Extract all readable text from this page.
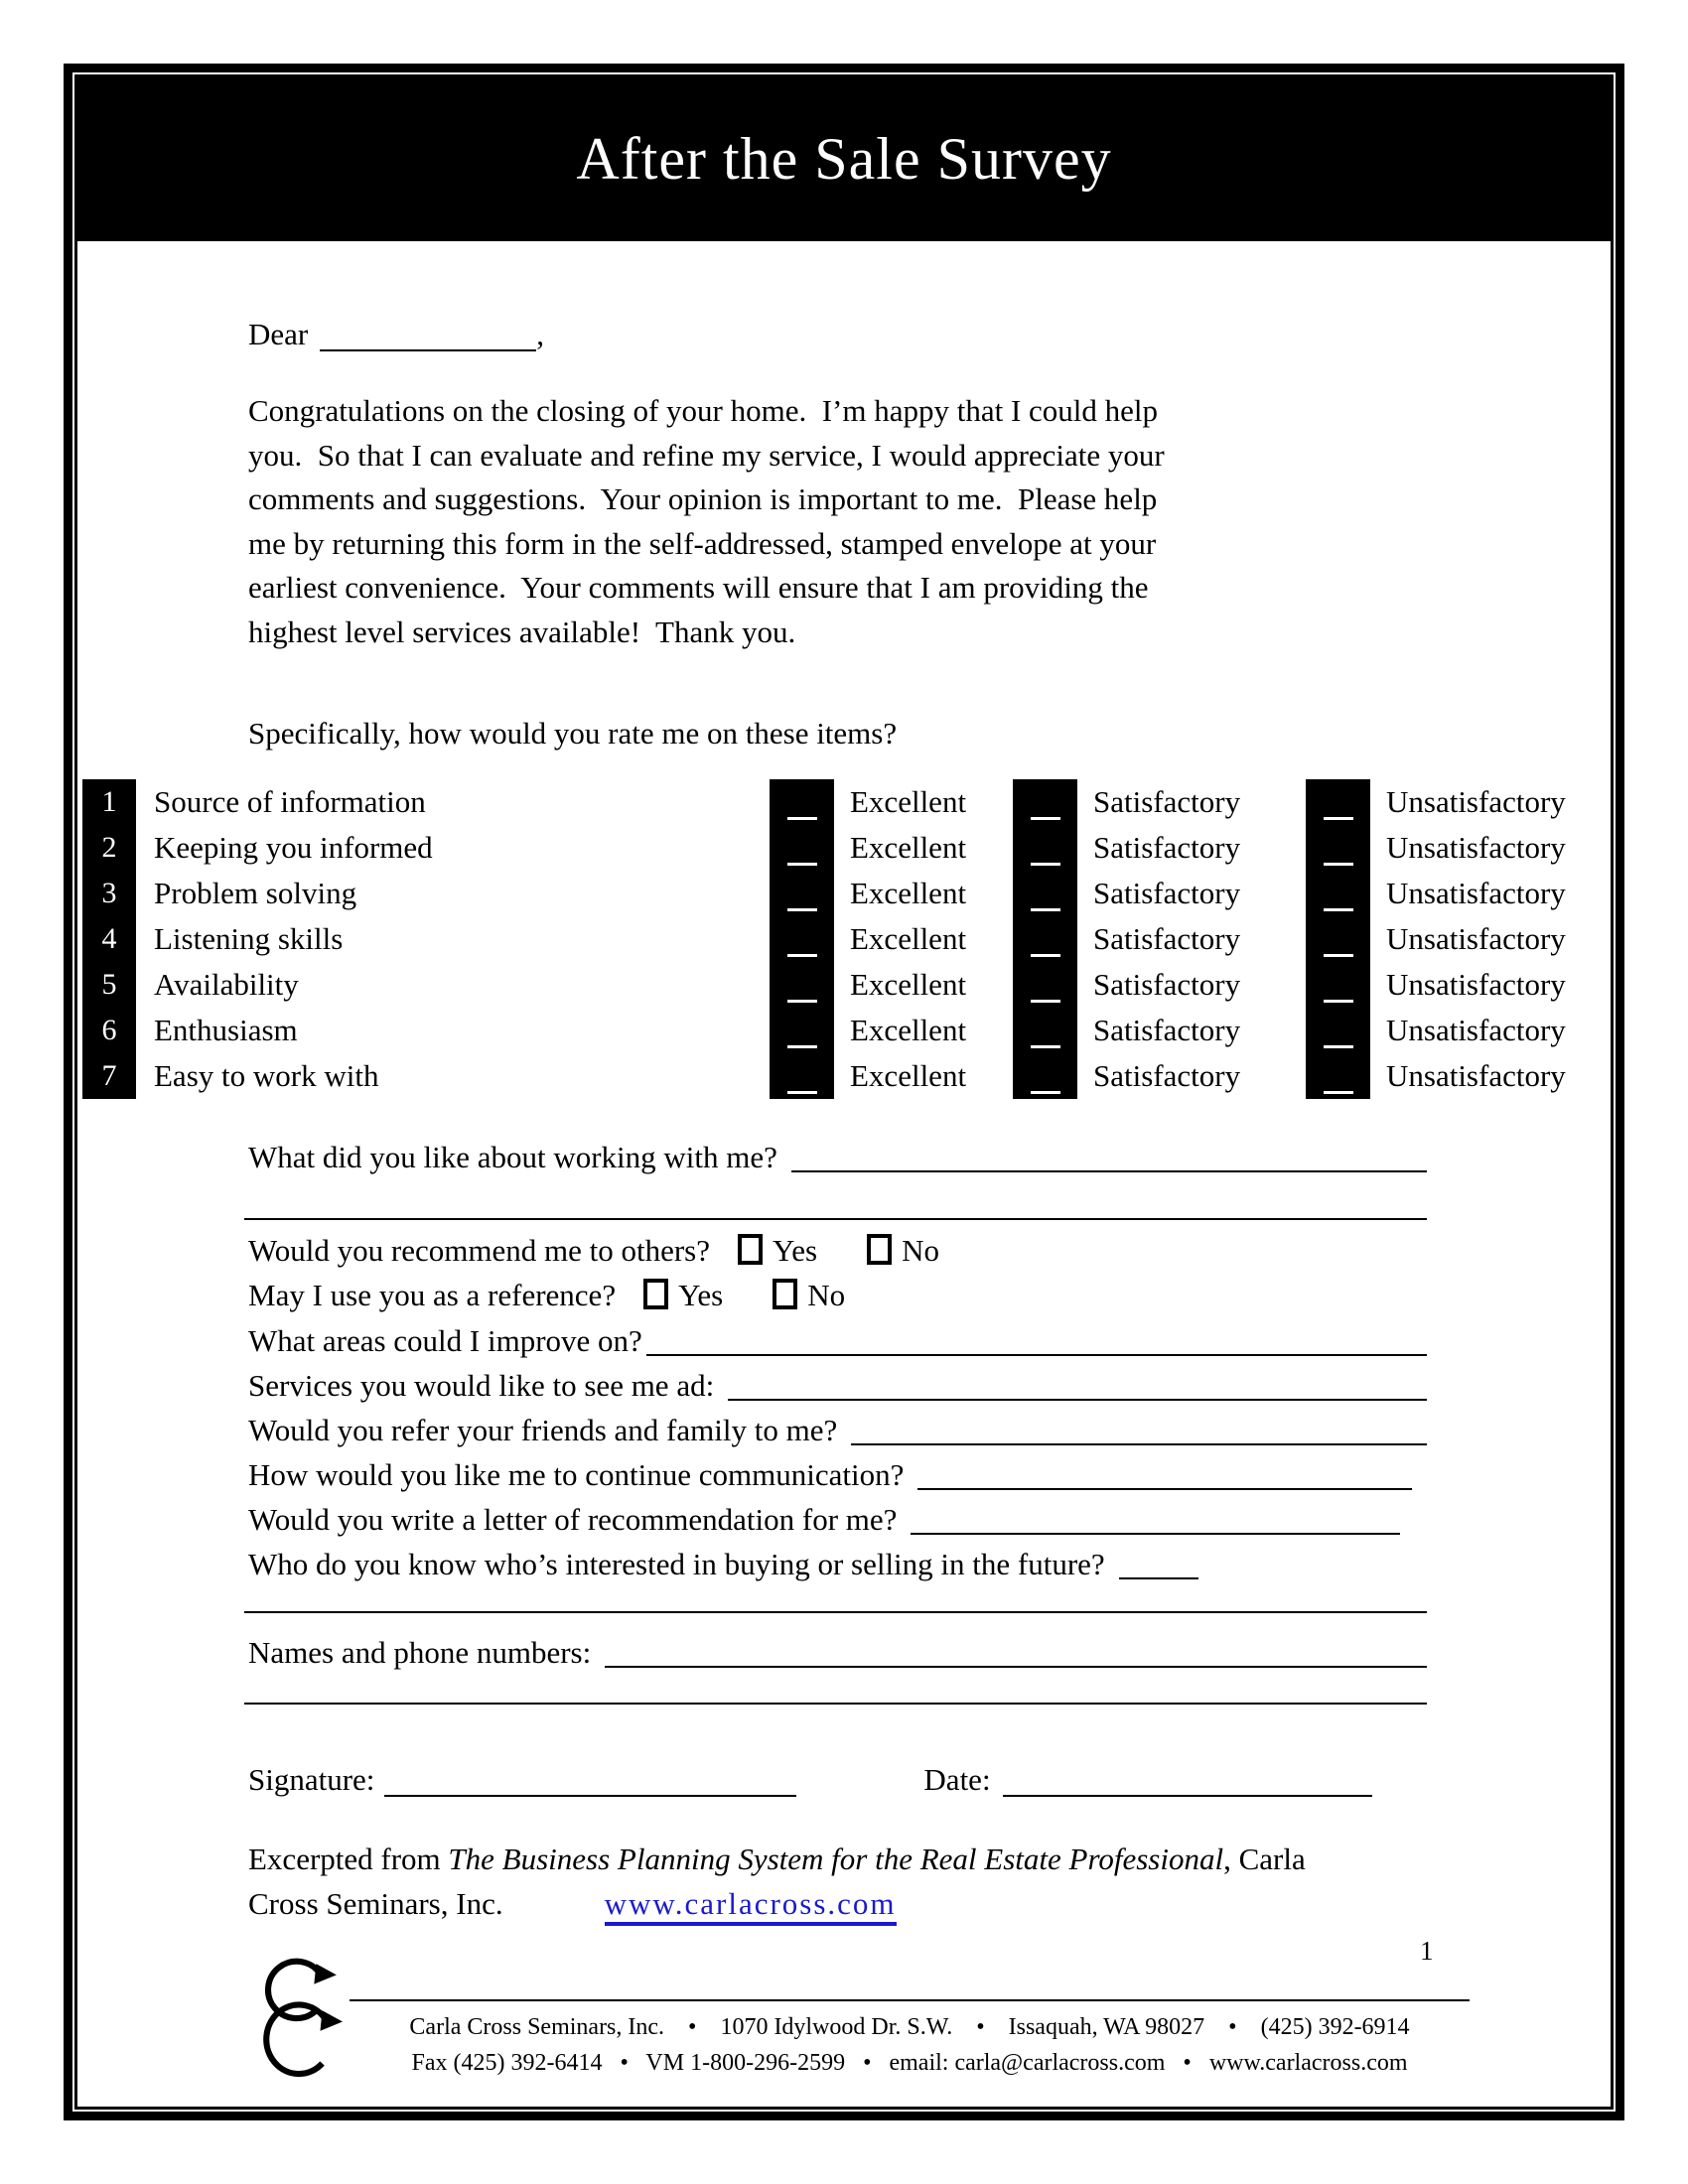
After the Sale Survey
Dear	,
Congratulations on the closing of your home.  I’m happy that I could help
you.  So that I can evaluate and refine my service, I would appreciate your
comments and suggestions.  Your opinion is important to me.  Please help
me by returning this form in the self-addressed, stamped envelope at your
earliest convenience.  Your comments will ensure that I am providing the
highest level services available!  Thank you.
Specifically, how would you rate me on these items?
1	Source of information	Excellent	Satisfactory	Unsatisfactory
2	Keeping you informed	Excellent	Satisfactory	Unsatisfactory
3	Problem solving	Excellent	Satisfactory	Unsatisfactory
4	Listening skills	Excellent	Satisfactory	Unsatisfactory
5	Availability	Excellent	Satisfactory	Unsatisfactory
6	Enthusiasm	Excellent	Satisfactory	Unsatisfactory
7	Easy to work with	Excellent	Satisfactory	Unsatisfactory
What did you like about working with me?
Would you recommend me to others? Yes	No
May I use you as a reference? Yes	No
What areas could I improve on?
Services you would like to see me ad:
Would you refer your friends and family to me?
How would you like me to continue communication?
Would you write a letter of recommendation for me?
Who do you know who’s interested in buying or selling in the future?
Names and phone numbers:
Signature:	Date:
Excerpted from The Business Planning System for the Real Estate Professional, Carla
Cross Seminars, Inc.	www.carlacross.com
1
Carla Cross Seminars, Inc.    •    1070 Idylwood Dr. S.W.    •    Issaquah, WA 98027    •    (425) 392-6914
Fax (425) 392-6414   •   VM 1-800-296-2599   •   email: carla@carlacross.com   •   www.carlacross.com
